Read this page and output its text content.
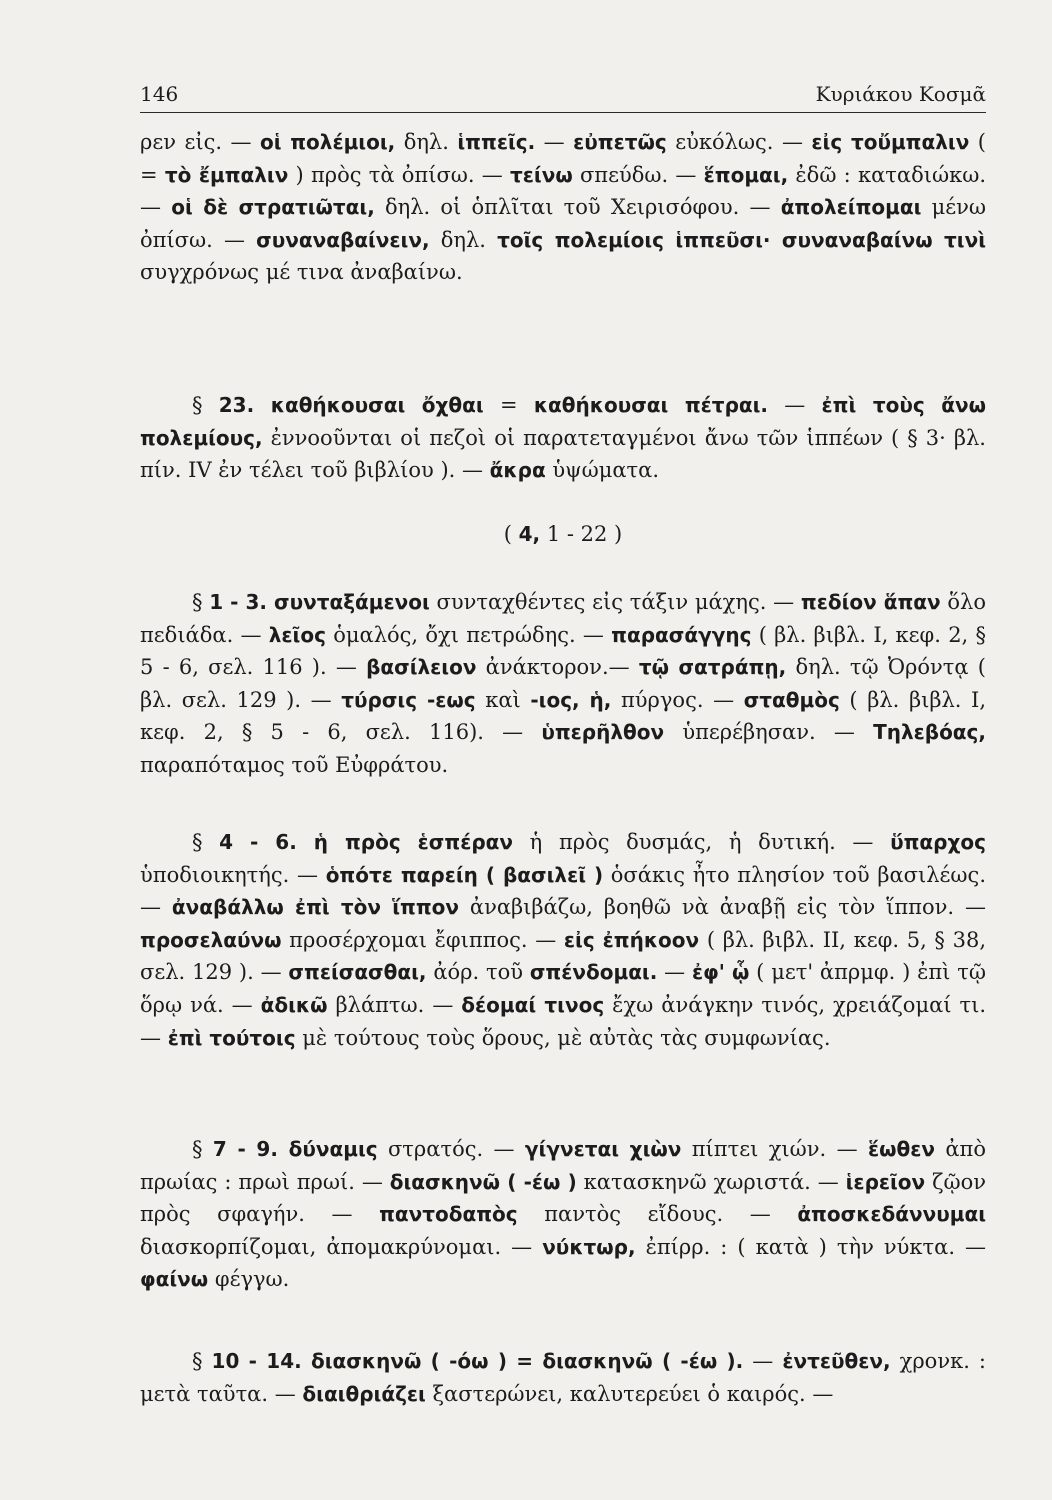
146	Κυριάκου Κοσμᾶ

ρεν εἰς. — οἱ πολέμιοι, δηλ. ἱππεῖς. — εὐπετῶς εὐκόλως. — εἰς τοὔμπαλιν ( = τὸ ἔμπαλιν ) πρὸς τὰ ὀπίσω. — τείνω σπεύδω. — ἕπομαι, ἐδῶ : καταδιώκω. — οἱ δὲ στρατιῶται, δηλ. οἱ ὁπλῖται τοῦ Χειρισόφου. — ἀπολείπομαι μένω ὀπίσω. — συναναβαίνειν, δηλ. τοῖς πολεμίοις ἱππεῦσι· συναναβαίνω τινὶ συγχρόνως μέ τινα ἀναβαίνω.

§ 23. καθήκουσαι ὄχθαι = καθήκουσαι πέτραι. — ἐπὶ τοὺς ἄνω πολεμίους, ἐννοοῦνται οἱ πεζοὶ οἱ παρατεταγμένοι ἄνω τῶν ἱππέων ( § 3· βλ. πίν. IV ἐν τέλει τοῦ βιβλίου ). — ἄκρα ὑψώματα.

( 4, 1 - 22 )

§ 1 - 3. συνταξάμενοι συνταχθέντες εἰς τάξιν μάχης. — πεδίον ἅπαν ὅλο πεδιάδα. — λεῖος ὁμαλός, ὄχι πετρώδης. — παρασάγγης ( βλ. βιβλ. I, κεφ. 2, § 5 - 6, σελ. 116 ). — βασίλειον ἀνάκτορον.— τῷ σατράπῃ, δηλ. τῷ Ὀρόντᾳ ( βλ. σελ. 129 ). — τύρσις -εως καὶ -ιος, ἡ, πύργος. — σταθμὸς ( βλ. βιβλ. I, κεφ. 2, § 5 - 6, σελ. 116). — ὑπερῆλθον ὑπερέβησαν. — Τηλεβόας, παραπόταμος τοῦ Εὐφράτου.

§ 4 - 6. ἡ πρὸς ἑσπέραν ἡ πρὸς δυσμάς, ἡ δυτική. — ὕπαρχος ὑποδιοικητής. — ὁπότε παρείη ( βασιλεῖ ) ὁσάκις ἦτο πλησίον τοῦ βασιλέως. — ἀναβάλλω ἐπὶ τὸν ἵππον ἀναβιβάζω, βοηθῶ νὰ ἀναβῇ εἰς τὸν ἵππον. — προσελαύνω προσέρχομαι ἔφιππος. — εἰς ἐπήκοον ( βλ. βιβλ. II, κεφ. 5, § 38, σελ. 129 ). — σπείσασθαι, ἀόρ. τοῦ σπένδομαι. — ἐφ' ᾧ ( μετ' ἀπρμφ. ) ἐπὶ τῷ ὅρῳ νά. — ἀδικῶ βλάπτω. — δέομαί τινος ἔχω ἀνάγκην τινός, χρειάζομαί τι. — ἐπὶ τούτοις μὲ τούτους τοὺς ὅρους, μὲ αὐτὰς τὰς συμφωνίας.

§ 7 - 9. δύναμις στρατός. — γίγνεται χιὼν πίπτει χιών. — ἕωθεν ἀπὸ πρωίας : πρωὶ πρωί. — διασκηνῶ ( -έω ) κατασκηνῶ χωριστά. — ἱερεῖον ζῷον πρὸς σφαγήν. — παντοδαπὸς παντὸς εἴδους. — ἀποσκεδάννυμαι διασκορπίζομαι, ἀπομακρύνομαι. — νύκτωρ, ἐπίρρ. : ( κατὰ ) τὴν νύκτα. — φαίνω φέγγω.

§ 10 - 14. διασκηνῶ ( -όω ) = διασκηνῶ ( -έω ). — ἐντεῦθεν, χρονκ. : μετὰ ταῦτα. — διαιθριάζει ξαστερώνει, καλυτερεύει ὁ καιρός. —
